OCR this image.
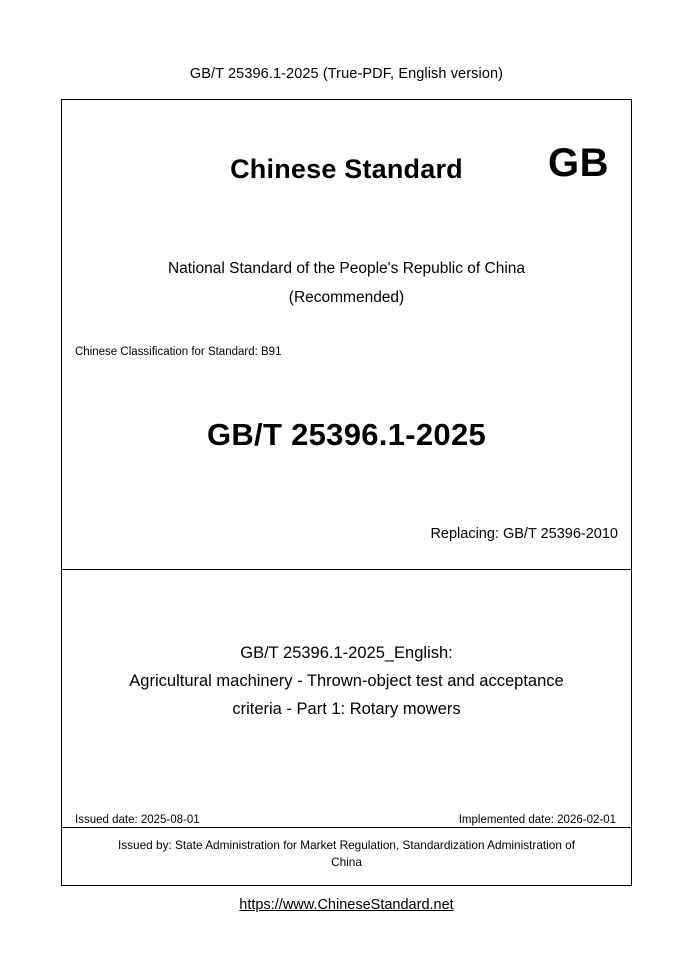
GB/T 25396.1-2025 (True-PDF, English version)
Chinese Standard	GB
National Standard of the People's Republic of China
(Recommended)
Chinese Classification for Standard: B91
GB/T 25396.1-2025
Replacing: GB/T 25396-2010
GB/T 25396.1-2025_English:
Agricultural machinery - Thrown-object test and acceptance
criteria - Part 1: Rotary mowers
Issued date: 2025-08-01	Implemented date: 2026-02-01
Issued by: State Administration for Market Regulation, Standardization Administration of
China
https://www.ChineseStandard.net
